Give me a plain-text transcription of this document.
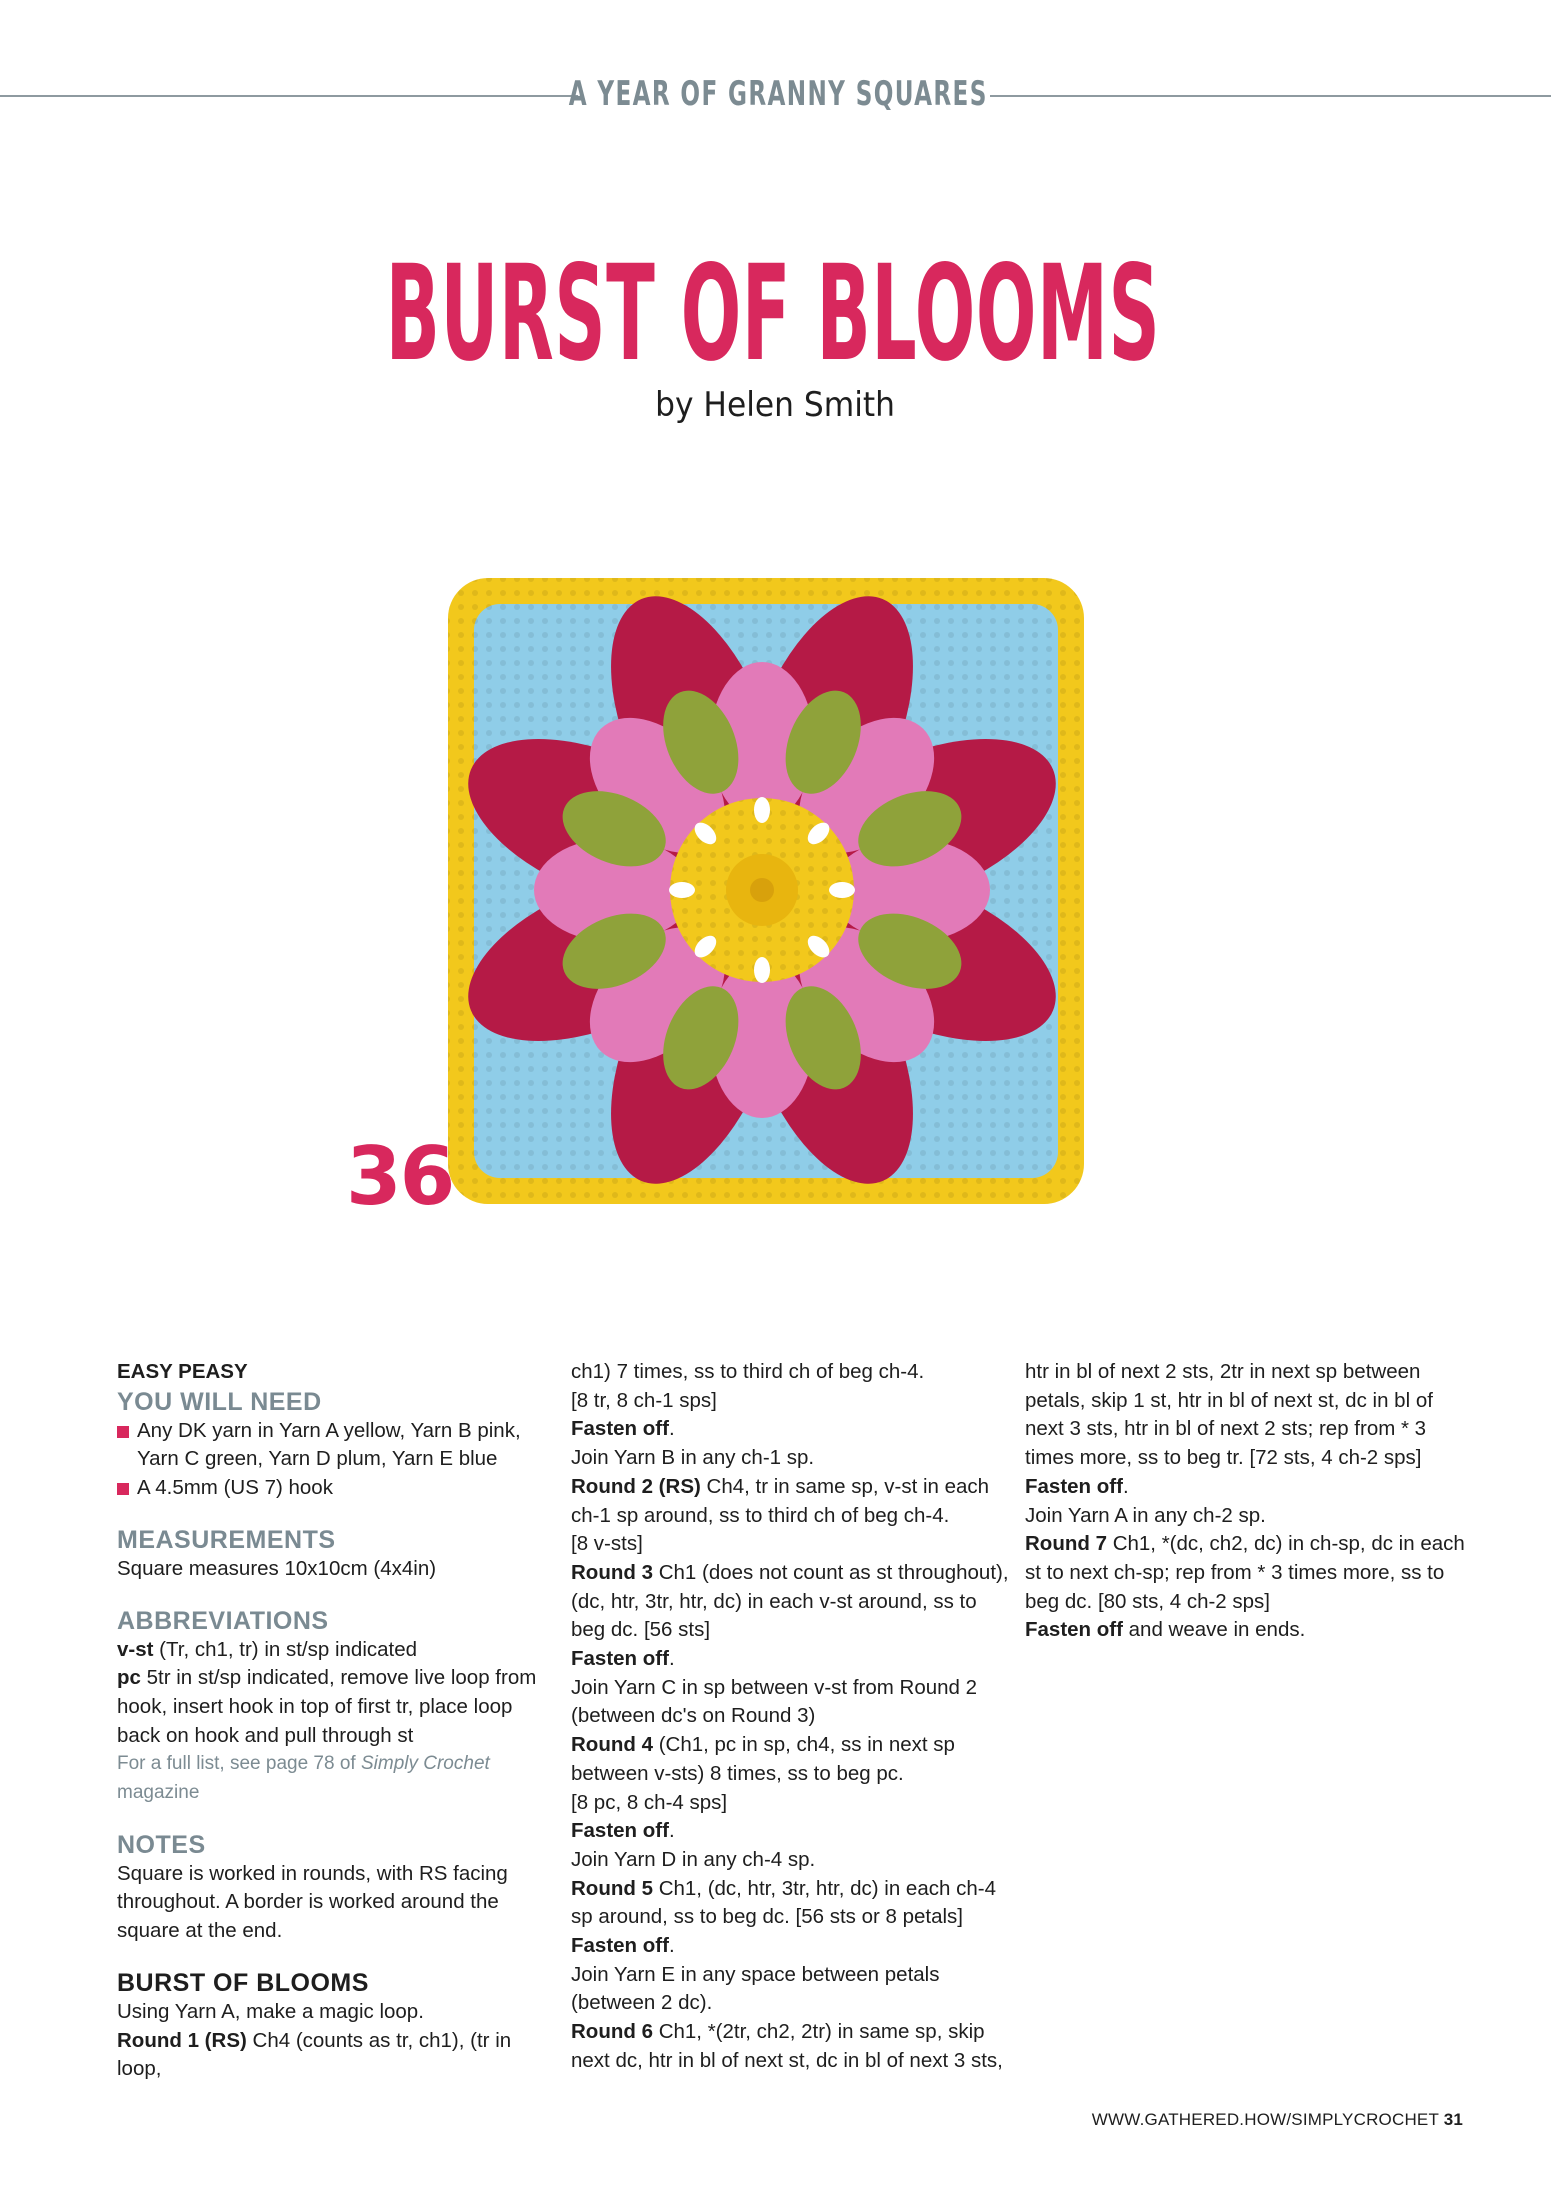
A YEAR OF GRANNY SQUARES
BURST OF BLOOMS
by Helen Smith
36

EASY PEASY

YOU WILL NEED

Any DK yarn in Yarn A yellow, Yarn B pink, Yarn C green, Yarn D plum, Yarn E blue

A 4.5mm (US 7) hook

MEASUREMENTS

Square measures 10x10cm (4x4in)

ABBREVIATIONS

v-st (Tr, ch1, tr) in st/sp indicated

pc 5tr in st/sp indicated, remove live loop from hook, insert hook in top of first tr, place loop back on hook and pull through st

For a full list, see page 78 of Simply Crochet magazine

NOTES

Square is worked in rounds, with RS facing throughout. A border is worked around the square at the end.

BURST OF BLOOMS

Using Yarn A, make a magic loop.

Round 1 (RS) Ch4 (counts as tr, ch1), (tr in loop,

ch1) 7 times, ss to third ch of beg ch-4.

[8 tr, 8 ch-1 sps]

Fasten off.

Join Yarn B in any ch-1 sp.

Round 2 (RS) Ch4, tr in same sp, v-st in each ch-1 sp around, ss to third ch of beg ch-4.

[8 v-sts]

Round 3 Ch1 (does not count as st throughout), (dc, htr, 3tr, htr, dc) in each v-st around, ss to beg dc. [56 sts]

Fasten off.

Join Yarn C in sp between v-st from Round 2 (between dc's on Round 3)

Round 4 (Ch1, pc in sp, ch4, ss in next sp between v-sts) 8 times, ss to beg pc.

[8 pc, 8 ch-4 sps]

Fasten off.

Join Yarn D in any ch-4 sp.

Round 5 Ch1, (dc, htr, 3tr, htr, dc) in each ch-4 sp around, ss to beg dc. [56 sts or 8 petals]

Fasten off.

Join Yarn E in any space between petals (between 2 dc).

Round 6 Ch1, *(2tr, ch2, 2tr) in same sp, skip next dc, htr in bl of next st, dc in bl of next 3 sts,

htr in bl of next 2 sts, 2tr in next sp between petals, skip 1 st, htr in bl of next st, dc in bl of next 3 sts, htr in bl of next 2 sts; rep from * 3 times more, ss to beg tr. [72 sts, 4 ch-2 sps]

Fasten off.

Join Yarn A in any ch-2 sp.

Round 7 Ch1, *(dc, ch2, dc) in ch-sp, dc in each st to next ch-sp; rep from * 3 times more, ss to beg dc. [80 sts, 4 ch-2 sps]

Fasten off and weave in ends.

WWW.GATHERED.HOW/SIMPLYCROCHET 31
